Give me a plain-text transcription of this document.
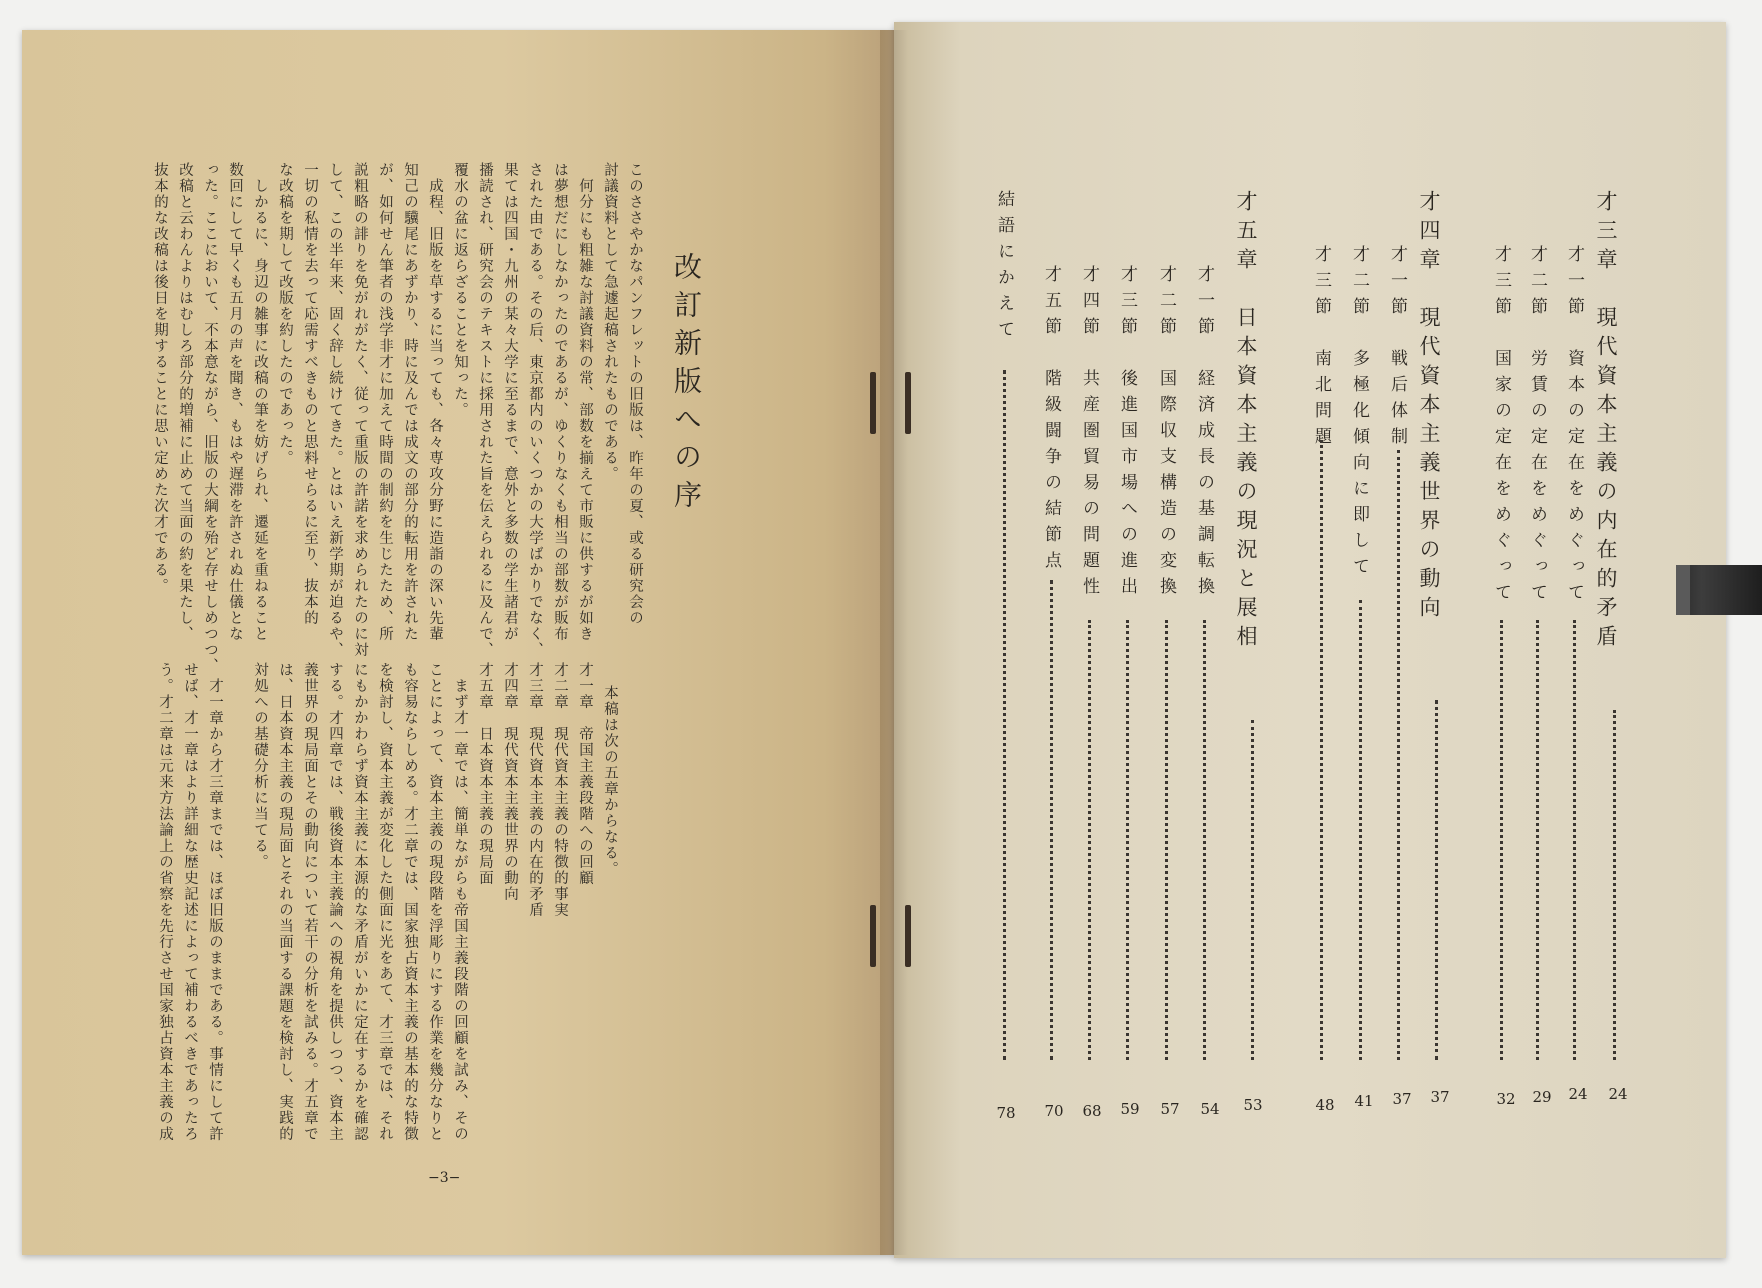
改訂新版への序
このささやかなパンフレットの旧版は、昨年の夏、或る研究会の
討議資料として急遽起稿されたものである。
何分にも粗雑な討議資料の常、部数を揃えて市販に供するが如き
は夢想だにしなかったのであるが、ゆくりなくも相当の部数が販布
された由である。その后、東京都内のいくつかの大学ばかりでなく、
果ては四国・九州の某々大学に至るまで、意外と多数の学生諸君が
播読され、研究会のテキストに採用された旨を伝えられるに及んで、
覆水の盆に返らざることを知った。
成程、旧版を草するに当っても、各々専攻分野に造詣の深い先輩
知己の驥尾にあずかり、時に及んでは成文の部分的転用を許された
が、如何せん筆者の浅学非才に加えて時間の制約を生じたため、所
説粗略の誹りを免がれがたく、従って重版の許諾を求められたのに対
して、この半年来、固く辞し続けてきた。とはいえ新学期が迫るや、
一切の私情を去って応需すべきものと思料せらるに至り、抜本的
な改稿を期して改版を約したのであった。
しかるに、身辺の雑事に改稿の筆を妨げられ、遷延を重ねること
数回にして早くも五月の声を聞き、もはや遅滞を許されぬ仕儀とな
った。ここにおいて、不本意ながら、旧版の大綱を殆ど存せしめつつ、
改稿と云わんよりはむしろ部分的増補に止めて当面の約を果たし、
抜本的な改稿は後日を期することに思い定めた次才である。
本稿は次の五章からなる。
才一章　帝国主義段階への回顧
才二章　現代資本主義の特徴的事実
才三章　現代資本主義の内在的矛盾
才四章　現代資本主義世界の動向
才五章　日本資本主義の現局面
まず才一章では、簡単ながらも帝国主義段階の回顧を試み、その
ことによって、資本主義の現段階を浮彫りにする作業を幾分なりと
も容易ならしめる。才二章では、国家独占資本主義の基本的な特徴
を検討し、資本主義が変化した側面に光をあて、才三章では、それ
にもかかわらず資本主義に本源的な矛盾がいかに定在するかを確認
する。才四章では、戦後資本主義論への視角を提供しつつ、資本主
義世界の現局面とその動向について若干の分析を試みる。才五章で
は、日本資本主義の現局面とそれの当面する課題を検討し、実践的
対処への基礎分析に当てる。
才一章から才三章までは、ほぼ旧版のままである。事情にして許
せば、才一章はより詳細な歴史記述によって補わるべきであったろ
う。才二章は元来方法論上の省察を先行させ国家独占資本主義の成
−3−
才三章　現代資本主義の内在的矛盾
24
才一節　資本の定在をめぐって
24
才二節　労賃の定在をめぐって
29
才三節　国家の定在をめぐって
32
才四章　現代資本主義世界の動向
37
才一節　戦后体制
37
才二節　多極化傾向に即して
41
才三節　南北問題
48
才五章　日本資本主義の現況と展相
53
才一節　経済成長の基調転換
54
才二節　国際収支構造の変換
57
才三節　後進国市場への進出
59
才四節　共産圏貿易の問題性
68
才五節　階級闘争の結節点
70
結語にかえて
78
